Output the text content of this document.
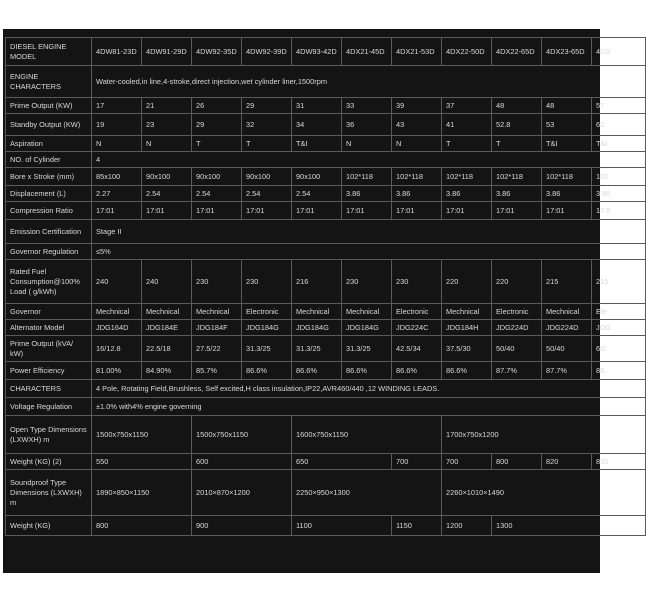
DIESEL ENGINE MODEL	4DW81-23D	4DW91-29D	4DW92-35D	4DW92-39D	4DW93-42D	4DX21-45D	4DX21-53D	4DX22-50D	4DX22-65D	4DX23-65D	4DX
ENGINE CHARACTERS	Water-cooled,in line,4-stroke,direct injection,wet cylinder liner,1500rpm										
Prime Output (KW)	17	21	26	29	31	33	39	37	48	48	57
Standby Output (KW)	19	23	29	32	34	36	43	41	52.8	53	62.
Aspiration	N	N	T	T	T&I	N	N	T	T	T&I	T&I
NO. of Cylinder	4										
Bore x Stroke (mm)	85x100	90x100	90x100	90x100	90x100	102*118	102*118	102*118	102*118	102*118	102
Displacement (L)	2.27	2.54	2.54	2.54	2.54	3.86	3.86	3.86	3.86	3.86	3.86
Compression Ratio	17:01	17:01	17:01	17:01	17:01	17:01	17:01	17:01	17:01	17:01	17:0
Emission Certification	Stage II										
Governor Regulation	≤5%										
Rated Fuel Consumption@100% Load ( g/kWh)	240	240	230	230	216	230	230	220	220	215	215
Governor	Mechnical	Mechnical	Mechnical	Electronic	Mechnical	Mechnical	Electronic	Mechnical	Electronic	Mechnical	Ele
Alternator Model	JDG164D	JDG184E	JDG184F	JDG184G	JDG184G	JDG184G	JDG224C	JDG184H	JDG224D	JDG224D	JDG
Prime Output (kVA/ kW)	16/12.8	22.5/18	27.5/22	31.3/25	31.3/25	31.3/25	42.5/34	37.5/30	50/40	50/40	60/
Power Efficiency	81.00%	84.90%	85.7%	86.6%	86.6%	86.6%	86.6%	86.6%	87.7%	87.7%	88.
CHARACTERS	4 Pole, Rotating Field,Brushless, Self excited,H class insulation,IP22,AVR460/440 ,12 WINDING LEADS.										
Voltage Regulation	±1.0% with4% engine governing										
Open Type Dimensions (LXWXH) m	1500x750x1150		1500x750x1150		1600x750x1150			1700x750x1200			
Weight (KG) (2)	550		600		650		700	700	800	820	830
Soundproof Type Dimensions (LXWXH) m	1890×850×1150		2010×870×1200		2250×950×1300			2260×1010×1490			
Weight (KG)	800		900		1100		1150	1200	1300		
